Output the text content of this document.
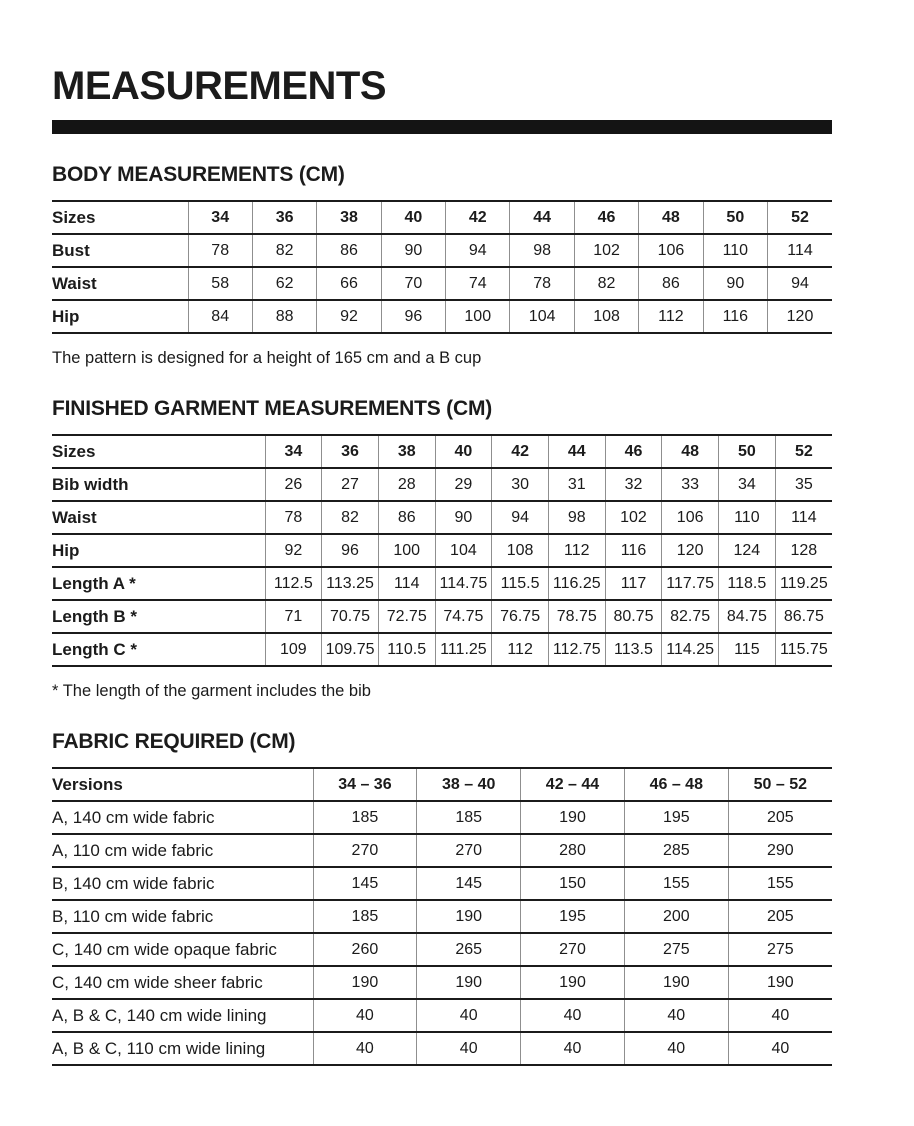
MEASUREMENTS
BODY MEASUREMENTS (CM)
Sizes	34	36	38	40	42	44	46	48	50	52
Bust	78	82	86	90	94	98	102	106	110	114
Waist	58	62	66	70	74	78	82	86	90	94
Hip	84	88	92	96	100	104	108	112	116	120

The pattern is designed for a height of 165 cm and a B cup

FINISHED GARMENT MEASUREMENTS (CM)
Sizes	34	36	38	40	42	44	46	48	50	52
Bib width	26	27	28	29	30	31	32	33	34	35
Waist	78	82	86	90	94	98	102	106	110	114
Hip	92	96	100	104	108	112	116	120	124	128
Length A *	112.5	113.25	114	114.75	115.5	116.25	117	117.75	118.5	119.25
Length B *	71	70.75	72.75	74.75	76.75	78.75	80.75	82.75	84.75	86.75
Length C *	109	109.75	110.5	111.25	112	112.75	113.5	114.25	115	115.75

* The length of the garment includes the bib

FABRIC REQUIRED (CM)
Versions	34 – 36	38 – 40	42 – 44	46 – 48	50 – 52
A, 140 cm wide fabric	185	185	190	195	205
A, 110 cm wide fabric	270	270	280	285	290
B, 140 cm wide fabric	145	145	150	155	155
B, 110 cm wide fabric	185	190	195	200	205
C, 140 cm wide opaque fabric	260	265	270	275	275
C, 140 cm wide sheer fabric	190	190	190	190	190
A, B & C, 140 cm wide lining	40	40	40	40	40
A, B & C, 110 cm wide lining	40	40	40	40	40
